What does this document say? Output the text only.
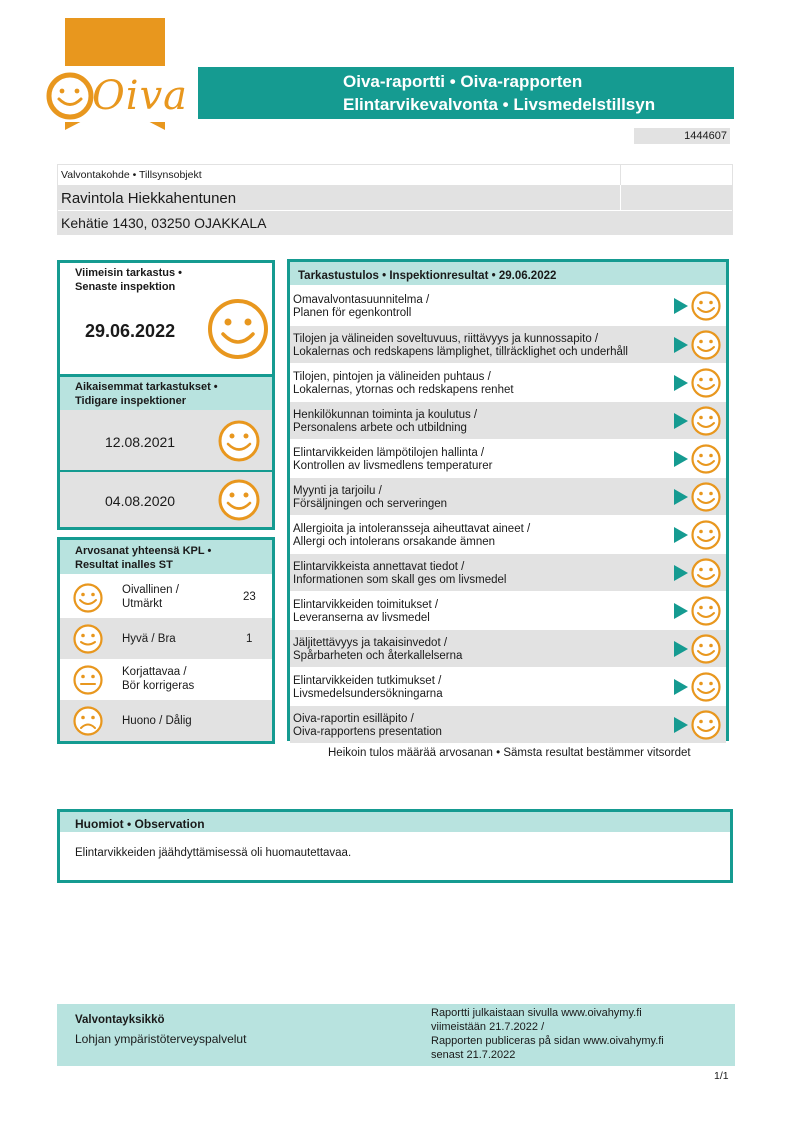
Oiva	Oiva-raportti • Oiva-rapporten
Elintarvikevalvonta • Livsmedelstillsyn
1444607
Valvontakohde • Tillsynsobjekt
Ravintola Hiekkahentunen
Kehätie 1430, 03250 OJAKKALA
Viimeisin tarkastus •
Senaste inspektion
29.06.2022
Aikaisemmat tarkastukset •
Tidigare inspektioner
12.08.2021
04.08.2020
Arvosanat yhteensä KPL •
Resultat inalles ST
Oivallinen /
Utmärkt
23
Hyvä / Bra	1
Korjattavaa /
Bör korrigeras
Huono / Dålig
Tarkastustulos • Inspektionresultat • 29.06.2022
Omavalvontasuunnitelma /
Planen för egenkontroll
Tilojen ja välineiden soveltuvuus, riittävyys ja kunnossapito /
Lokalernas och redskapens lämplighet, tillräcklighet och underhåll
Tilojen, pintojen ja välineiden puhtaus /
Lokalernas, ytornas och redskapens renhet
Henkilökunnan toiminta ja koulutus /
Personalens arbete och utbildning
Elintarvikkeiden lämpötilojen hallinta /
Kontrollen av livsmedlens temperaturer
Myynti ja tarjoilu /
Försäljningen och serveringen
Allergioita ja intoleransseja aiheuttavat aineet /
Allergi och intolerans orsakande ämnen
Elintarvikkeista annettavat tiedot /
Informationen som skall ges om livsmedel
Elintarvikkeiden toimitukset /
Leveranserna av livsmedel
Jäljitettävyys ja takaisinvedot /
Spårbarheten och återkallelserna
Elintarvikkeiden tutkimukset /
Livsmedelsundersökningarna
Oiva-raportin esilläpito /
Oiva-rapportens presentation
Heikoin tulos määrää arvosanan • Sämsta resultat bestämmer vitsordet
Huomiot • Observation
Elintarvikkeiden jäähdyttämisessä oli huomautettavaa.
Valvontayksikkö
Lohjan ympäristöterveyspalvelut
Raportti julkaistaan sivulla www.oivahymy.fi
viimeistään 21.7.2022 /
Rapporten publiceras på sidan www.oivahymy.fi
senast 21.7.2022
1/1
